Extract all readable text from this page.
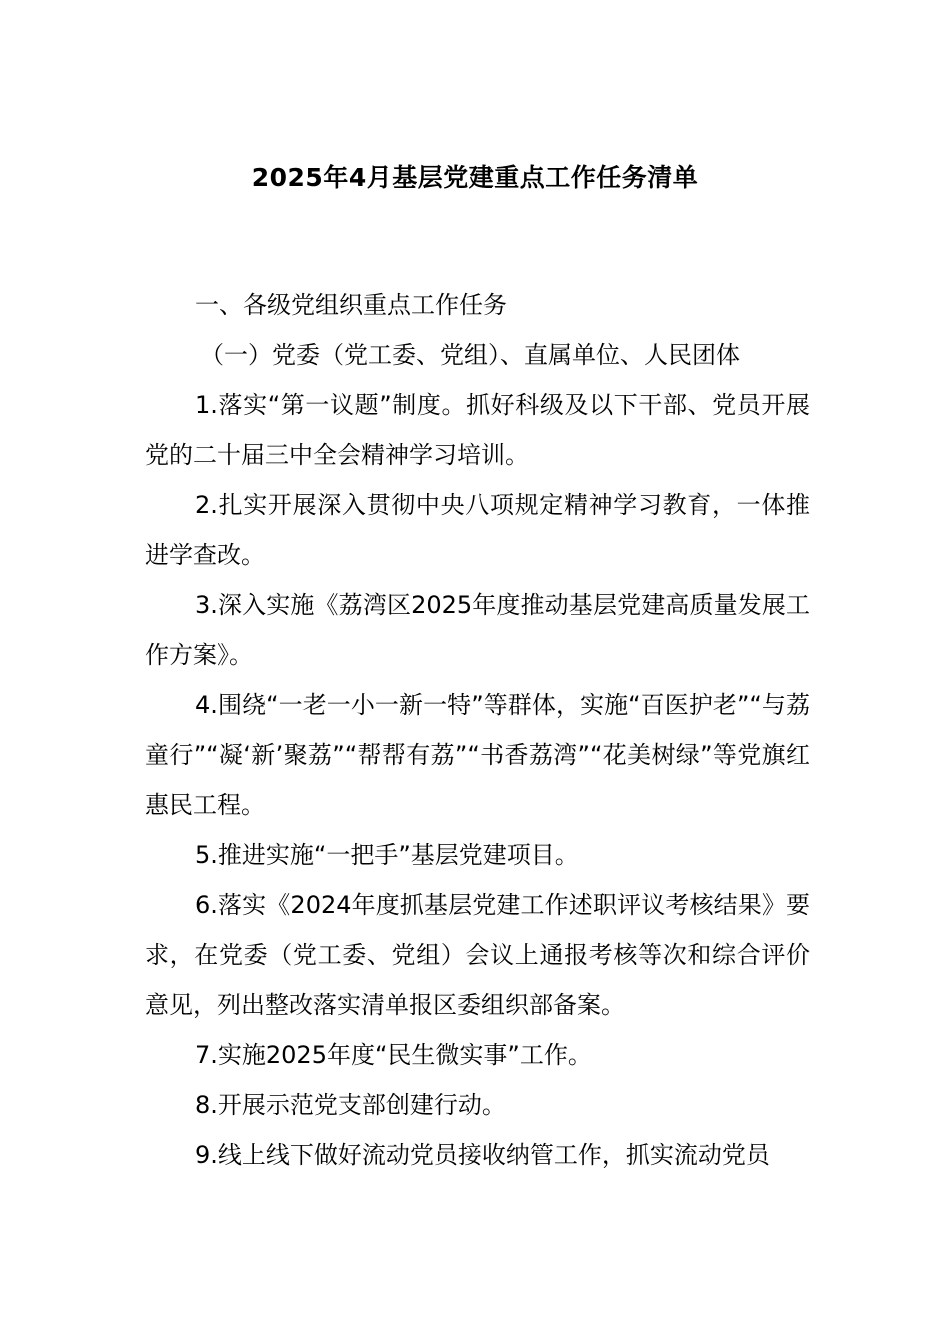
2025年4月基层党建重点工作任务清单

一、各级党组织重点工作任务

（一）党委（党工委、党组）、直属单位、人民团体

1.落实“第一议题”制度。抓好科级及以下干部、党员开展党的二十届三中全会精神学习培训。

2.扎实开展深入贯彻中央八项规定精神学习教育，一体推进学查改。

3.深入实施《荔湾区2025年度推动基层党建高质量发展工作方案》。

4.围绕“一老一小一新一特”等群体，实施“百医护老”“与荔童行”“凝‘新’聚荔”“帮帮有荔”“书香荔湾”“花美树绿”等党旗红惠民工程。

5.推进实施“一把手”基层党建项目。

6.落实《2024年度抓基层党建工作述职评议考核结果》要求，在党委（党工委、党组）会议上通报考核等次和综合评价意见，列出整改落实清单报区委组织部备案。

7.实施2025年度“民生微实事”工作。

8.开展示范党支部创建行动。

9.线上线下做好流动党员接收纳管工作，抓实流动党员
